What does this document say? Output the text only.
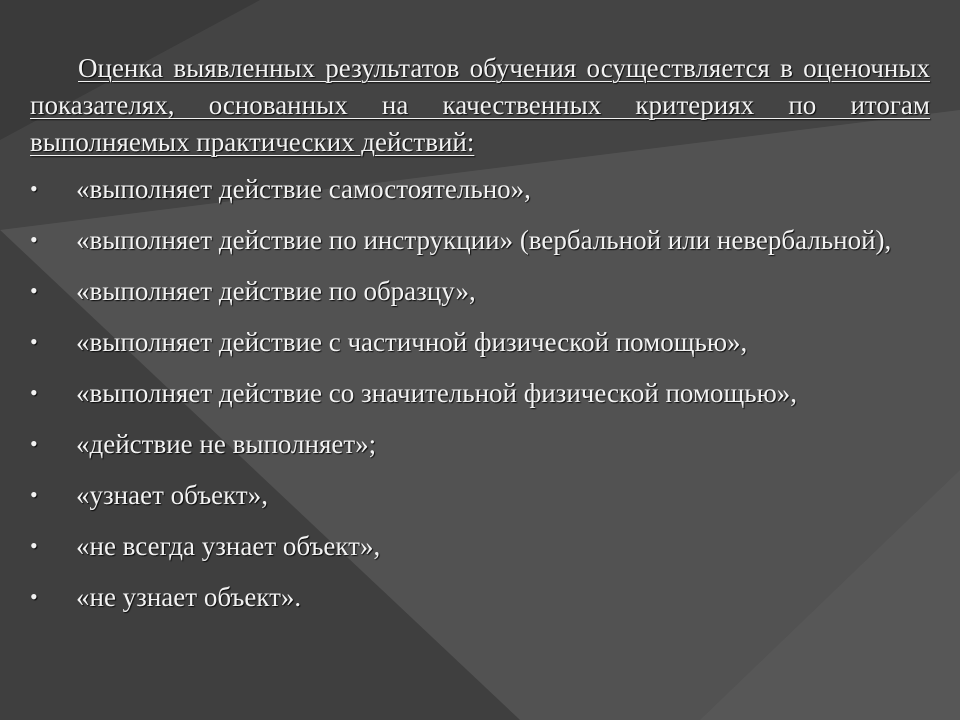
Оценка выявленных результатов обучения осуществляется в оценочных показателях, основанных на качественных критериях по итогам выполняемых практических действий:

• «выполняет действие самостоятельно»,
• «выполняет действие по инструкции» (вербальной или невербальной),
• «выполняет действие по образцу»,
• «выполняет действие с частичной физической помощью»,
• «выполняет действие со значительной физической помощью»,
• «действие не выполняет»;
• «узнает объект»,
• «не всегда узнает объект»,
• «не узнает объект».
